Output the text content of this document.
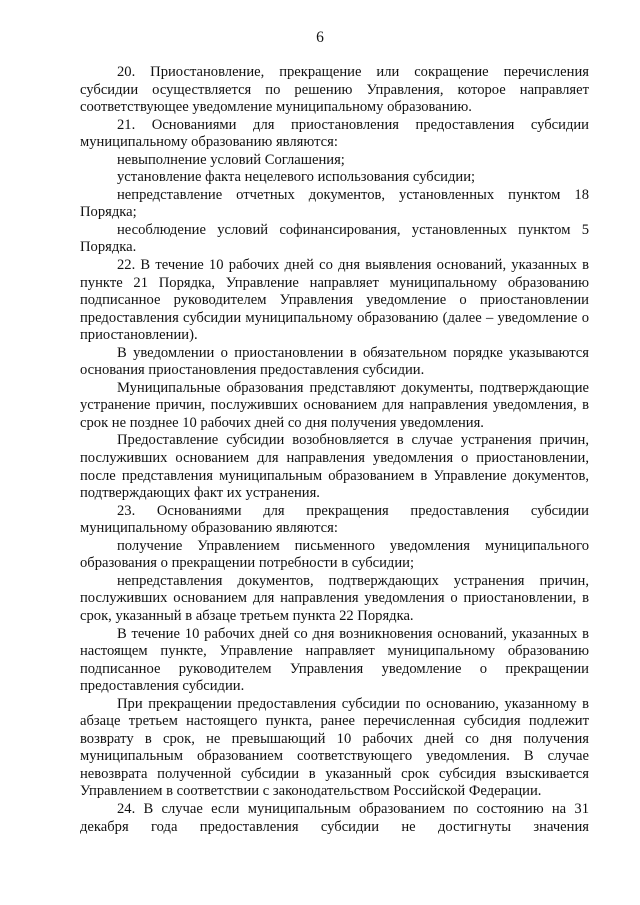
6

20. Приостановление, прекращение или сокращение перечисления субсидии осуществляется по решению Управления, которое направляет соответствующее уведомление муниципальному образованию.

21. Основаниями для приостановления предоставления субсидии муниципальному образованию являются:

невыполнение условий Соглашения;

установление факта нецелевого использования субсидии;

непредставление отчетных документов, установленных пунктом 18 Порядка;

несоблюдение условий софинансирования, установленных пунктом 5 Порядка.

22. В течение 10 рабочих дней со дня выявления оснований, указанных в пункте 21 Порядка, Управление направляет муниципальному образованию подписанное руководителем Управления уведомление о приостановлении предоставления субсидии муниципальному образованию (далее – уведомление о приостановлении).

В уведомлении о приостановлении в обязательном порядке указываются основания приостановления предоставления субсидии.

Муниципальные образования представляют документы, подтверждающие устранение причин, послуживших основанием для направления уведомления, в срок не позднее 10 рабочих дней со дня получения уведомления.

Предоставление субсидии возобновляется в случае устранения причин, послуживших основанием для направления уведомления о приостановлении, после представления муниципальным образованием в Управление документов, подтверждающих факт их устранения.

23. Основаниями для прекращения предоставления субсидии муниципальному образованию являются:

получение Управлением письменного уведомления муниципального образования о прекращении потребности в субсидии;

непредставления документов, подтверждающих устранения причин, послуживших основанием для направления уведомления о приостановлении, в срок, указанный в абзаце третьем пункта 22 Порядка.

В течение 10 рабочих дней со дня возникновения оснований, указанных в настоящем пункте, Управление направляет муниципальному образованию подписанное руководителем Управления уведомление о прекращении предоставления субсидии.

При прекращении предоставления субсидии по основанию, указанному в абзаце третьем настоящего пункта, ранее перечисленная субсидия подлежит возврату в срок, не превышающий 10 рабочих дней со дня получения муниципальным образованием соответствующего уведомления. В случае невозврата полученной субсидии в указанный срок субсидия взыскивается Управлением в соответствии с законодательством Российской Федерации.

24. В случае если муниципальным образованием по состоянию на 31 декабря года предоставления субсидии не достигнуты значения
